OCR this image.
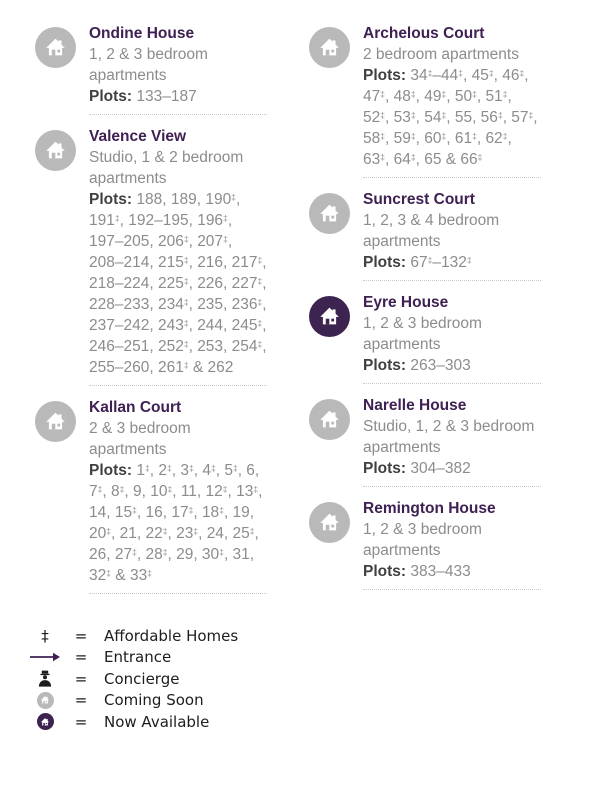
Ondine House

1, 2 & 3 bedroom apartments

Plots: 133–187

Valence View

Studio, 1 & 2 bedroom apartments

Plots: 188, 189, 190‡, 191‡, 192–195, 196‡, 197–205, 206‡, 207‡, 208–214, 215‡, 216, 217‡, 218–224, 225‡, 226, 227‡, 228–233, 234‡, 235, 236‡, 237–242, 243‡, 244, 245‡, 246–251, 252‡, 253, 254‡, 255–260, 261‡ & 262

Kallan Court

2 & 3 bedroom apartments

Plots: 1‡, 2‡, 3‡, 4‡, 5‡, 6, 7‡, 8‡, 9, 10‡, 11, 12‡, 13‡, 14, 15‡, 16, 17‡, 18‡, 19, 20‡, 21, 22‡, 23‡, 24, 25‡, 26, 27‡, 28‡, 29, 30‡, 31, 32‡ & 33‡

Archelous Court

2 bedroom apartments

Plots: 34‡–44‡, 45‡, 46‡, 47‡, 48‡, 49‡, 50‡, 51‡, 52‡, 53‡, 54‡, 55, 56‡, 57‡, 58‡, 59‡, 60‡, 61‡, 62‡, 63‡, 64‡, 65 & 66‡

Suncrest Court

1, 2, 3 & 4 bedroom apartments

Plots: 67‡–132‡

Eyre House

1, 2 & 3 bedroom apartments

Plots: 263–303

Narelle House

Studio, 1, 2 & 3 bedroom apartments

Plots: 304–382

Remington House

1, 2 & 3 bedroom apartments

Plots: 383–433

‡	=	Affordable Homes
=	Entrance
=	Concierge
=	Coming Soon
=	Now Available
